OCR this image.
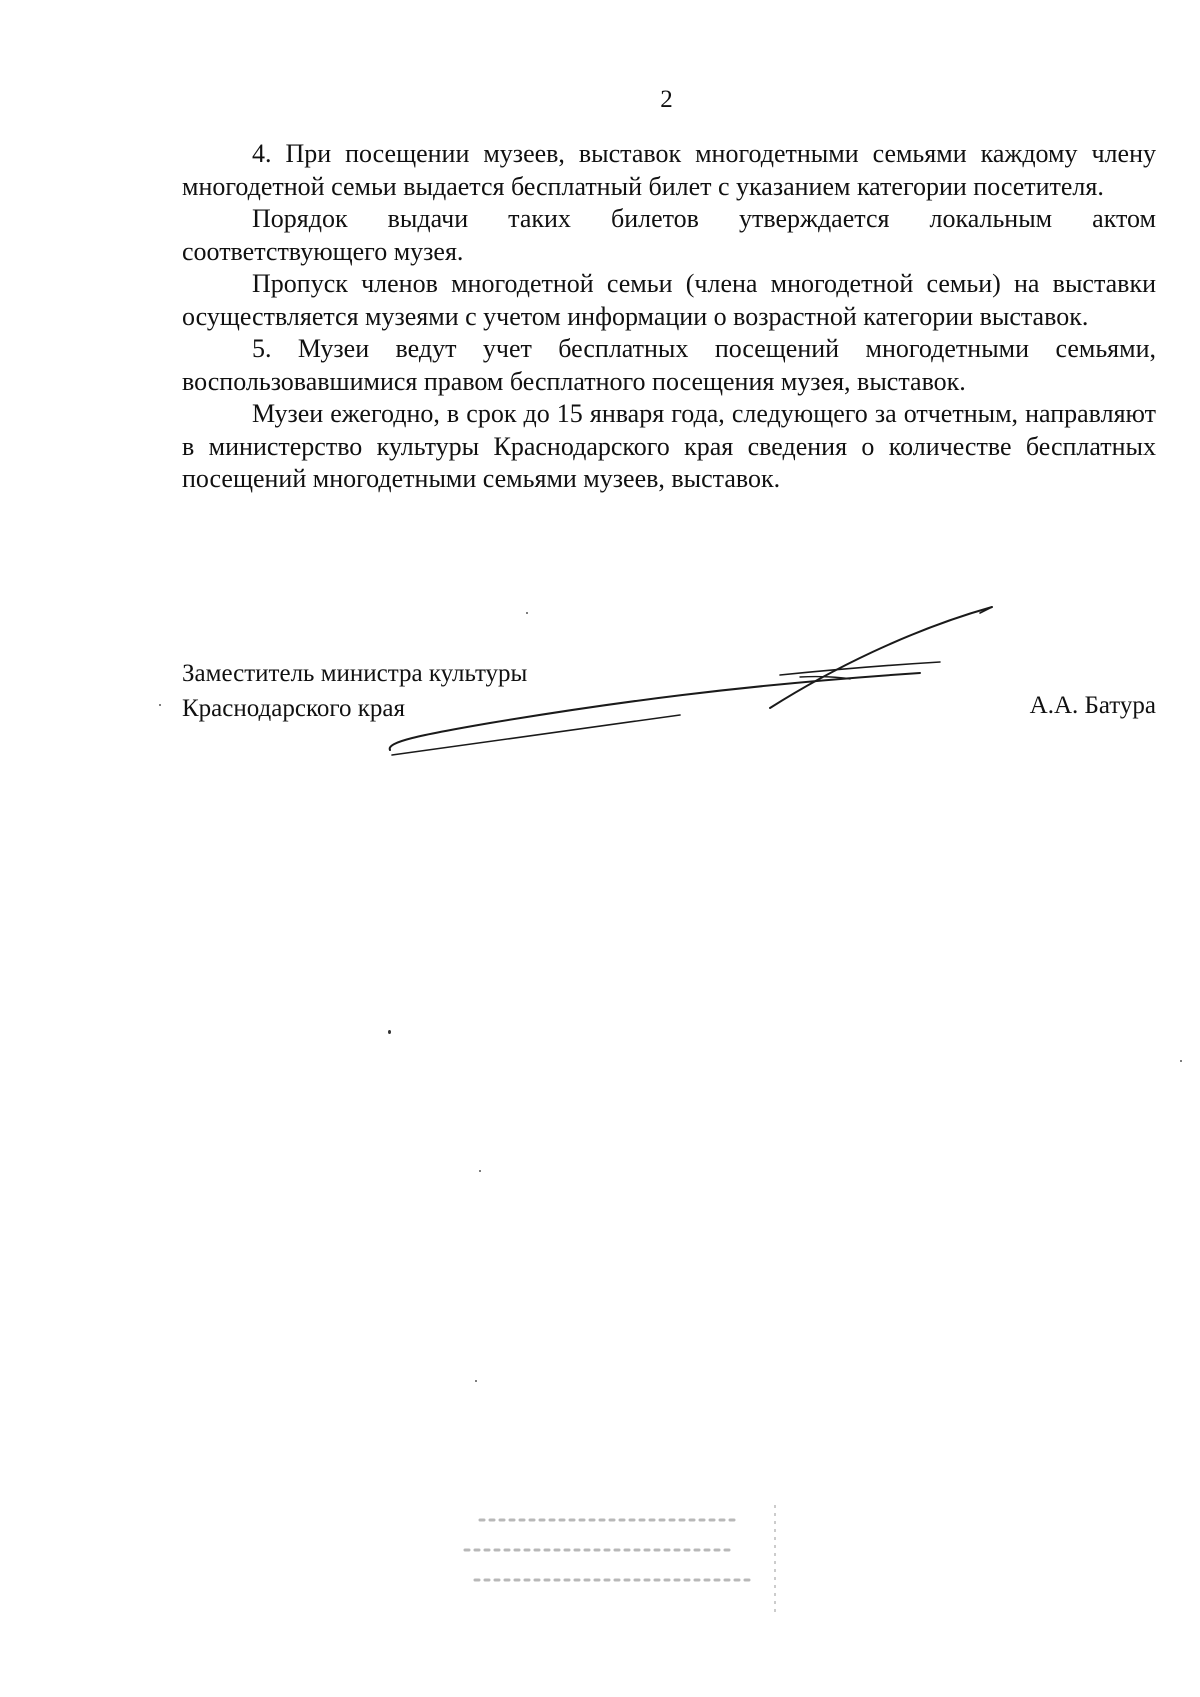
2

4. При посещении музеев, выставок многодетными семьями каждому члену многодетной семьи выдается бесплатный билет с указанием категории посетителя.

Порядок выдачи таких билетов утверждается локальным актом соответствующего музея.

Пропуск членов многодетной семьи (члена многодетной семьи) на выставки осуществляется музеями с учетом информации о возрастной категории выставок.

5. Музеи ведут учет бесплатных посещений многодетными семьями, воспользовавшимися правом бесплатного посещения музея, выставок.

Музеи ежегодно, в срок до 15 января года, следующего за отчетным, направляют в министерство культуры Краснодарского края сведения о количестве бесплатных посещений многодетными семьями музеев, выставок.

Заместитель министра культуры
Краснодарского края	А.А. Батура
